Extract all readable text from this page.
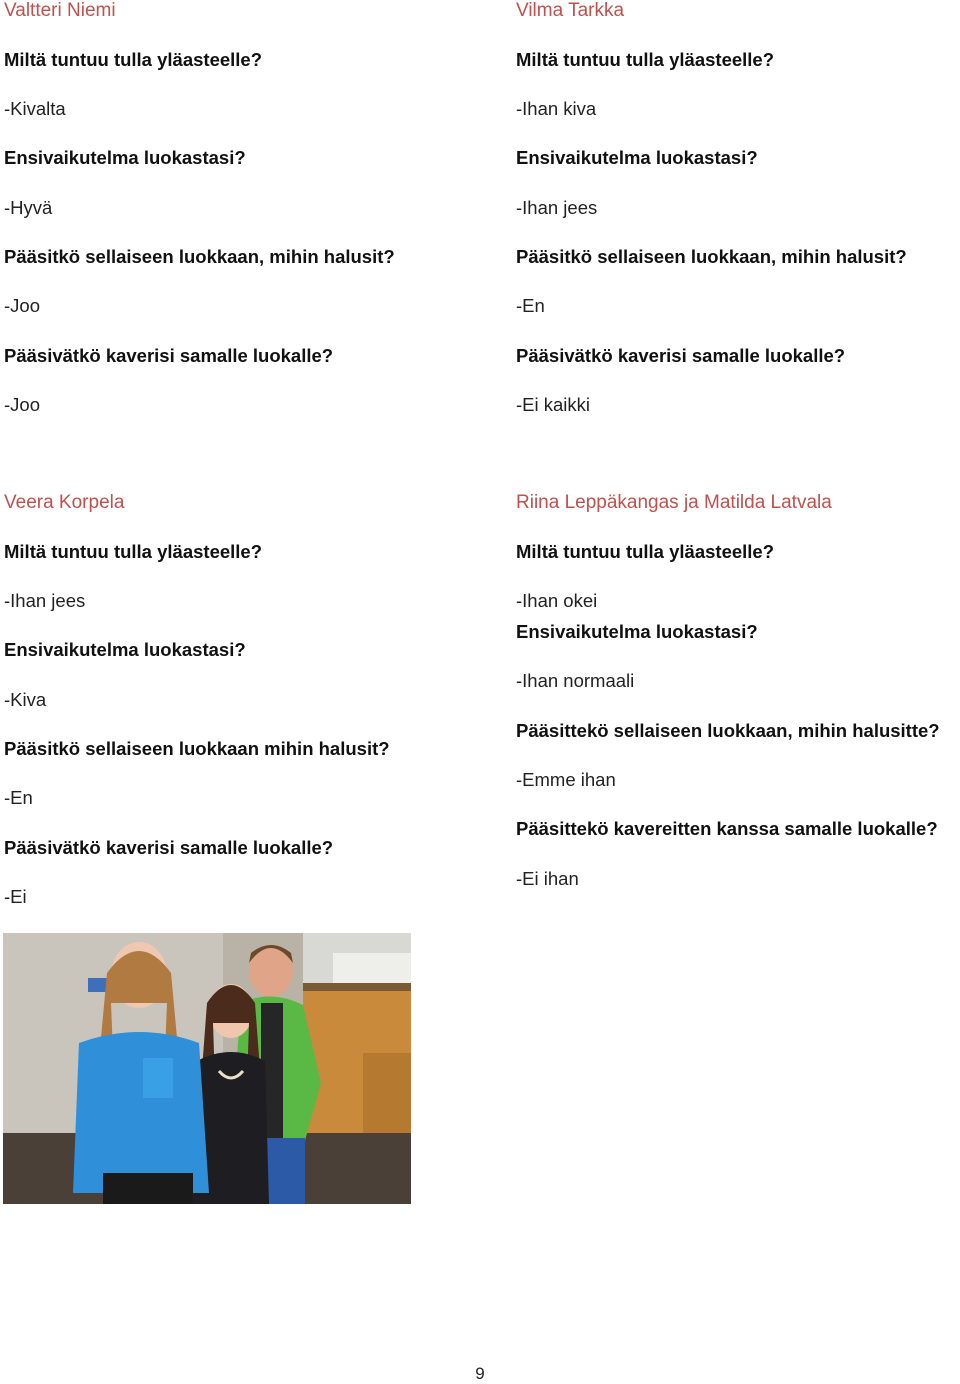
Valtteri Niemi

Miltä tuntuu tulla yläasteelle?
-Kivalta
Ensivaikutelma luokastasi?
-Hyvä
Pääsitkö sellaiseen luokkaan, mihin halusit?
-Joo
Pääsivätkö kaverisi samalle luokalle?
-Joo

Vilma Tarkka

Miltä tuntuu tulla yläasteelle?
-Ihan kiva
Ensivaikutelma luokastasi?
-Ihan jees
Pääsitkö sellaiseen luokkaan, mihin halusit?
-En
Pääsivätkö kaverisi samalle luokalle?
-Ei kaikki

Veera Korpela

Miltä tuntuu tulla yläasteelle?
-Ihan jees
Ensivaikutelma luokastasi?
-Kiva
Pääsitkö sellaiseen luokkaan mihin halusit?
-En
Pääsivätkö kaverisi samalle luokalle?
-Ei

Riina Leppäkangas ja Matilda Latvala

Miltä tuntuu tulla yläasteelle?
-Ihan okei
Ensivaikutelma luokastasi?
-Ihan normaali
Pääsittekö sellaiseen luokkaan, mihin halusitte?
-Emme ihan
Pääsittekö kavereitten kanssa samalle luokalle?
-Ei ihan
9
